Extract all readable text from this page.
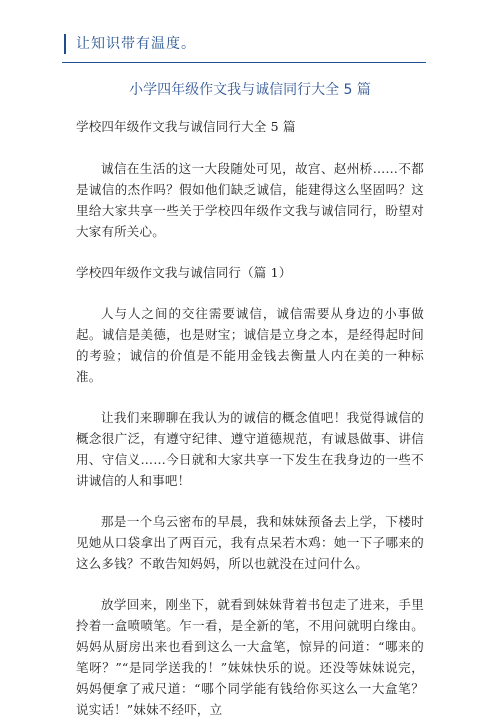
让知识带有温度。
小学四年级作文我与诚信同行大全 5 篇

学校四年级作文我与诚信同行大全 5 篇

诚信在生活的这一大段随处可见，故宫、赵州桥……不都是诚信的杰作吗？假如他们缺乏诚信，能建得这么坚固吗？这里给大家共享一些关于学校四年级作文我与诚信同行，盼望对大家有所关心。

学校四年级作文我与诚信同行（篇 1）

人与人之间的交往需要诚信，诚信需要从身边的小事做起。诚信是美德，也是财宝；诚信是立身之本，是经得起时间的考验；诚信的价值是不能用金钱去衡量人内在美的一种标准。

让我们来聊聊在我认为的诚信的概念值吧！我觉得诚信的概念很广泛，有遵守纪律、遵守道德规范，有诚恳做事、讲信用、守信义……今日就和大家共享一下发生在我身边的一些不讲诚信的人和事吧！

那是一个乌云密布的早晨，我和妹妹预备去上学，下楼时见她从口袋拿出了两百元，我有点呆若木鸡：她一下子哪来的这么多钱？不敢告知妈妈，所以也就没在过问什么。

放学回来，刚坐下，就看到妹妹背着书包走了进来，手里拎着一盒喷喷笔。乍一看，是全新的笔，不用问就明白缘由。妈妈从厨房出来也看到这么一大盒笔，惊异的问道：“哪来的笔呀？”“是同学送我的！”妹妹快乐的说。还没等妹妹说完，妈妈便拿了戒尺道：“哪个同学能有钱给你买这么一大盒笔？说实话！”妹妹不经吓，立
